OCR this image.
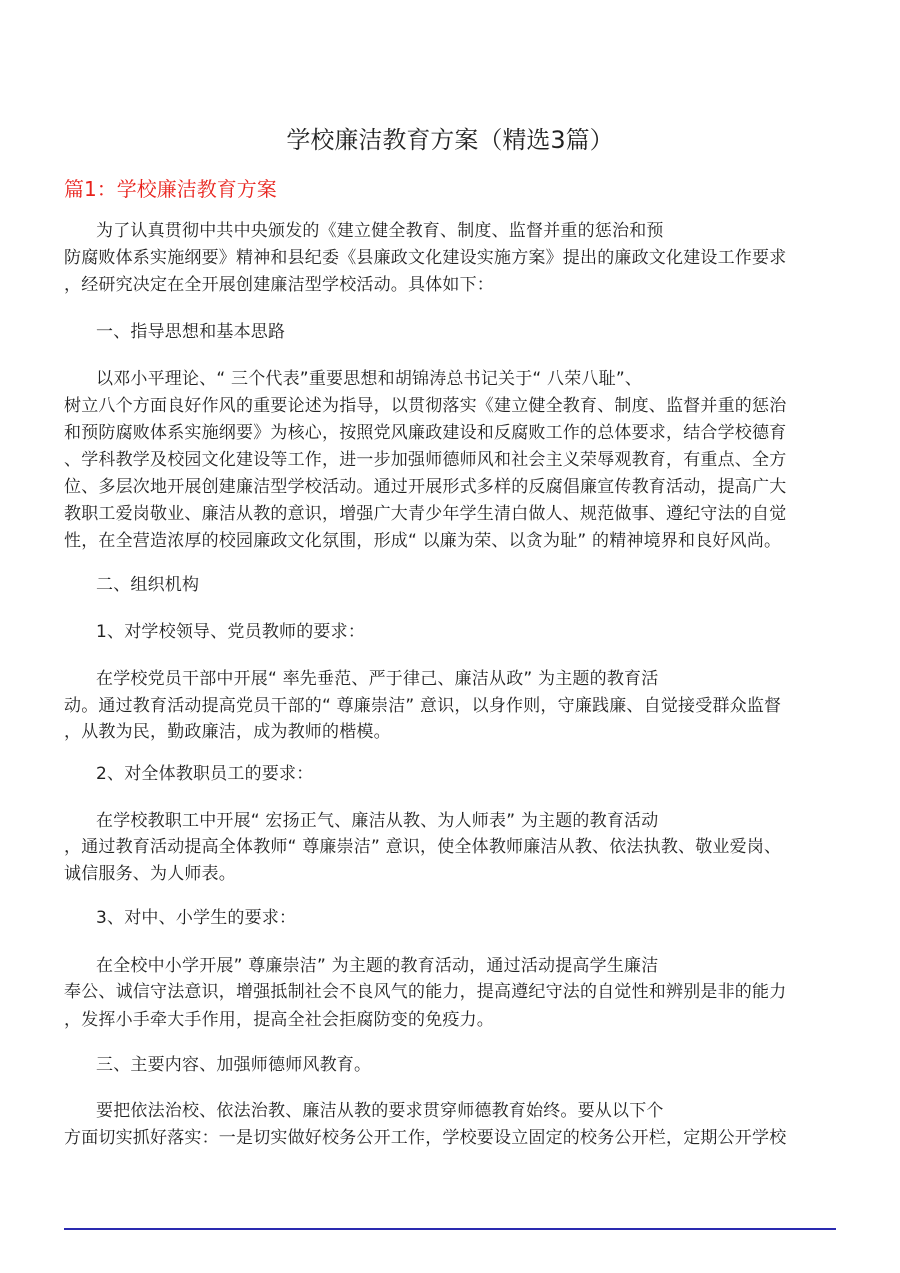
学校廉洁教育方案（精选3篇）
篇1：学校廉洁教育方案
为了认真贯彻中共中央颁发的《建立健全教育、制度、监督并重的惩治和预
防腐败体系实施纲要》精神和县纪委《县廉政文化建设实施方案》提出的廉政文化建设工作要求
，经研究决定在全开展创建廉洁型学校活动。具体如下：
一、指导思想和基本思路
以邓小平理论、“ 三个代表”重要思想和胡锦涛总书记关于“ 八荣八耻”、
树立八个方面良好作风的重要论述为指导，以贯彻落实《建立健全教育、制度、监督并重的惩治
和预防腐败体系实施纲要》为核心，按照党风廉政建设和反腐败工作的总体要求，结合学校德育
、学科教学及校园文化建设等工作，进一步加强师德师风和社会主义荣辱观教育，有重点、全方
位、多层次地开展创建廉洁型学校活动。通过开展形式多样的反腐倡廉宣传教育活动，提高广大
教职工爱岗敬业、廉洁从教的意识，增强广大青少年学生清白做人、规范做事、遵纪守法的自觉
性，在全营造浓厚的校园廉政文化氛围，形成“ 以廉为荣、以贪为耻” 的精神境界和良好风尚。
二、组织机构
1、对学校领导、党员教师的要求：
在学校党员干部中开展“ 率先垂范、严于律己、廉洁从政” 为主题的教育活
动。通过教育活动提高党员干部的“ 尊廉崇洁” 意识，以身作则，守廉践廉、自觉接受群众监督
，从教为民，勤政廉洁，成为教师的楷模。
2、对全体教职员工的要求：
在学校教职工中开展“ 宏扬正气、廉洁从教、为人师表” 为主题的教育活动
，通过教育活动提高全体教师“ 尊廉崇洁” 意识，使全体教师廉洁从教、依法执教、敬业爱岗、
诚信服务、为人师表。
3、对中、小学生的要求：
在全校中小学开展” 尊廉崇洁” 为主题的教育活动，通过活动提高学生廉洁
奉公、诚信守法意识，增强抵制社会不良风气的能力，提高遵纪守法的自觉性和辨别是非的能力
，发挥小手牵大手作用，提高全社会拒腐防变的免疫力。
三、主要内容、加强师德师风教育。
要把依法治校、依法治教、廉洁从教的要求贯穿师德教育始终。要从以下个
方面切实抓好落实：一是切实做好校务公开工作，学校要设立固定的校务公开栏，定期公开学校
